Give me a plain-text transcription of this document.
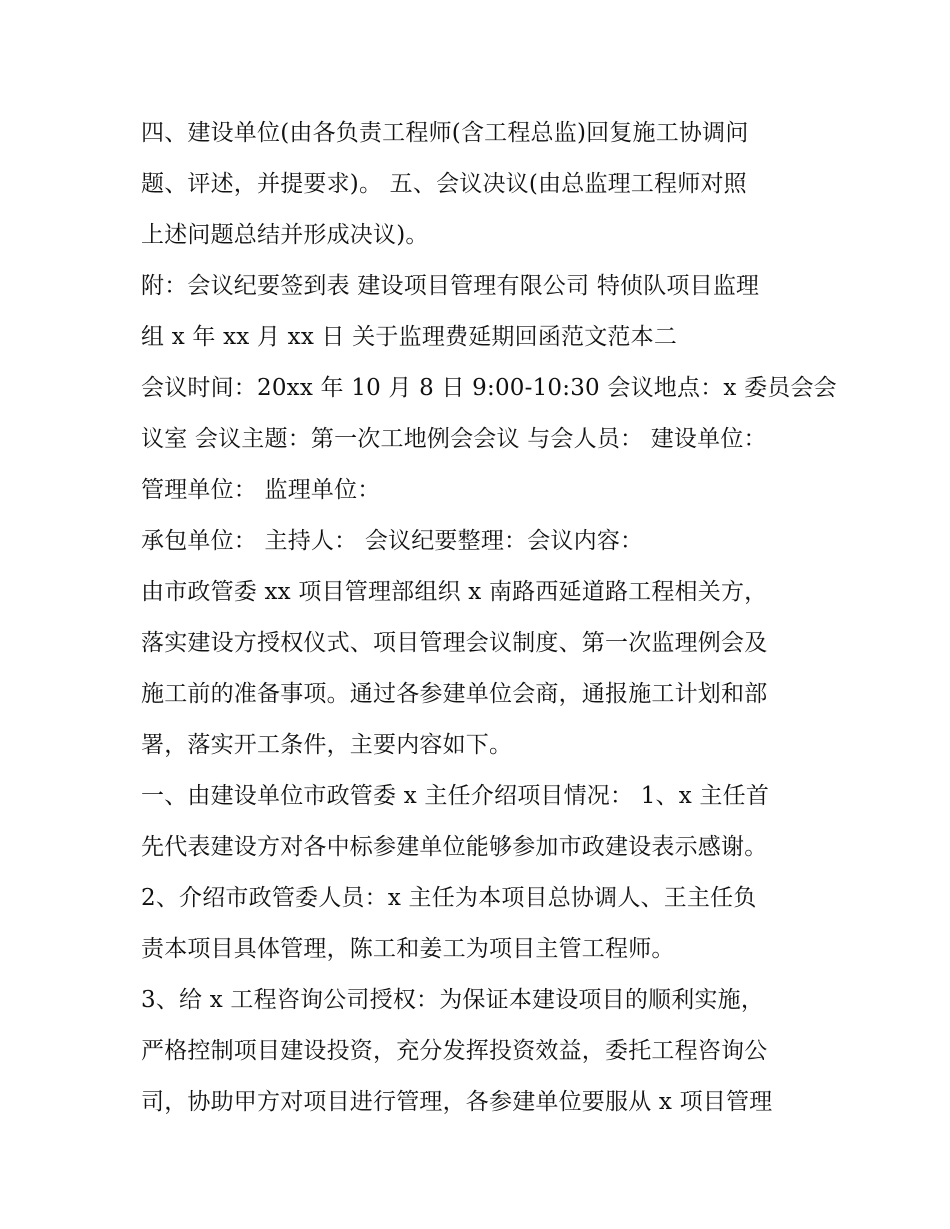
四、建设单位(由各负责工程师(含工程总监)回复施工协调问
题、评述，并提要求)。 五、会议决议(由总监理工程师对照
上述问题总结并形成决议)。
附：会议纪要签到表 建设项目管理有限公司 特侦队项目监理
组 x 年 xx 月 xx 日 关于监理费延期回函范文范本二
会议时间：20xx 年 10 月 8 日 9:00-10:30 会议地点：x 委员会会
议室 会议主题：第一次工地例会会议 与会人员： 建设单位：
管理单位： 监理单位：
承包单位： 主持人： 会议纪要整理：会议内容：
由市政管委 xx 项目管理部组织 x 南路西延道路工程相关方，
落实建设方授权仪式、项目管理会议制度、第一次监理例会及
施工前的准备事项。通过各参建单位会商，通报施工计划和部
署，落实开工条件，主要内容如下。
一、由建设单位市政管委 x 主任介绍项目情况： 1、x 主任首
先代表建设方对各中标参建单位能够参加市政建设表示感谢。
2、介绍市政管委人员：x 主任为本项目总协调人、王主任负
责本项目具体管理，陈工和姜工为项目主管工程师。
3、给 x 工程咨询公司授权：为保证本建设项目的顺利实施，
严格控制项目建设投资，充分发挥投资效益，委托工程咨询公
司，协助甲方对项目进行管理，各参建单位要服从 x 项目管理
